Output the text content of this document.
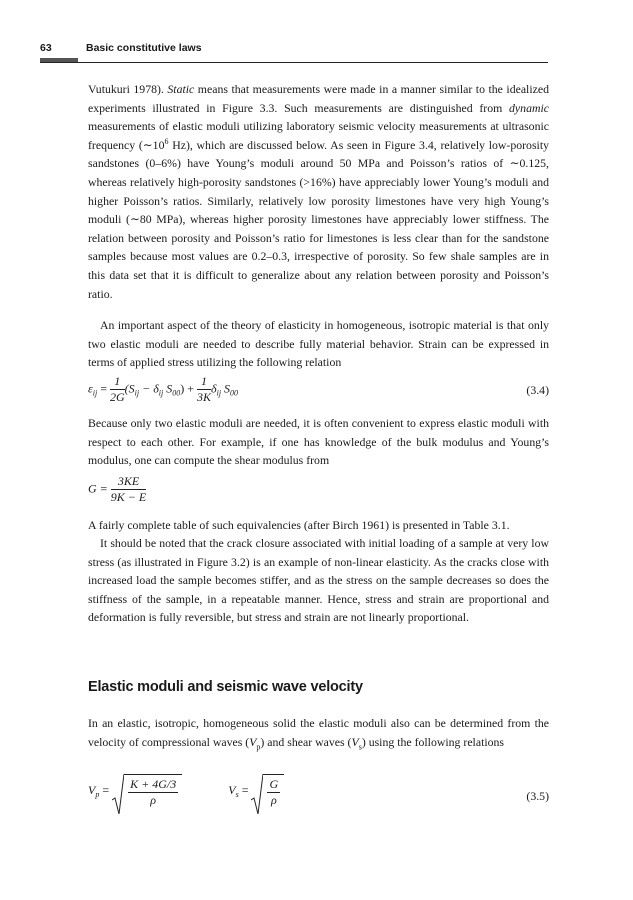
63	Basic constitutive laws

Vutukuri 1978). Static means that measurements were made in a manner similar to the idealized experiments illustrated in Figure 3.3. Such measurements are distinguished from dynamic measurements of elastic moduli utilizing laboratory seismic velocity measurements at ultrasonic frequency ($\sim 10^6$ Hz), which are discussed below. As seen in Figure 3.4, relatively low-porosity sandstones (0–6%) have Young’s moduli around 50 MPa and Poisson’s ratios of ∼0.125, whereas relatively high-porosity sandstones (>16%) have appreciably lower Young’s moduli and higher Poisson’s ratios. Similarly, relatively low porosity limestones have very high Young’s moduli (∼80 MPa), whereas higher porosity limestones have appreciably lower stiffness. The relation between porosity and Poisson’s ratio for limestones is less clear than for the sandstone samples because most values are 0.2–0.3, irrespective of porosity. So few shale samples are in this data set that it is difficult to generalize about any relation between porosity and Poisson’s ratio.

An important aspect of the theory of elasticity in homogeneous, isotropic material is that only two elastic moduli are needed to describe fully material behavior. Strain can be expressed in terms of applied stress utilizing the following relation

$\varepsilon_{ij} = \frac{1}{2G} (S_{ij} - \delta_{ij}$ $S_{00}) + \frac{1}{3K} \delta_{ij}$ $S_{00}$	(3.4)

Because only two elastic moduli are needed, it is often convenient to express elastic moduli with respect to each other. For example, if one has knowledge of the bulk modulus and Young’s modulus, one can compute the shear modulus from

$G = \frac{3KE}{9K - E}$

A fairly complete table of such equivalencies (after Birch 1961) is presented in Table 3.1.

It should be noted that the crack closure associated with initial loading of a sample at very low stress (as illustrated in Figure 3.2) is an example of non-linear elasticity. As the cracks close with increased load the sample becomes stiffer, and as the stress on the sample decreases so does the stiffness of the sample, in a repeatable manner. Hence, stress and strain are proportional and deformation is fully reversible, but stress and strain are not linearly proportional.

Elastic moduli and seismic wave velocity

In an elastic, isotropic, homogeneous solid the elastic moduli also can be determined from the velocity of compressional waves $(V_p)$ and shear waves $(V_s)$ using the following relations

$V_p = \frac{K + 4G/3}{\rho}$	$V_s = \frac{G}{\rho}$	(3.5)
